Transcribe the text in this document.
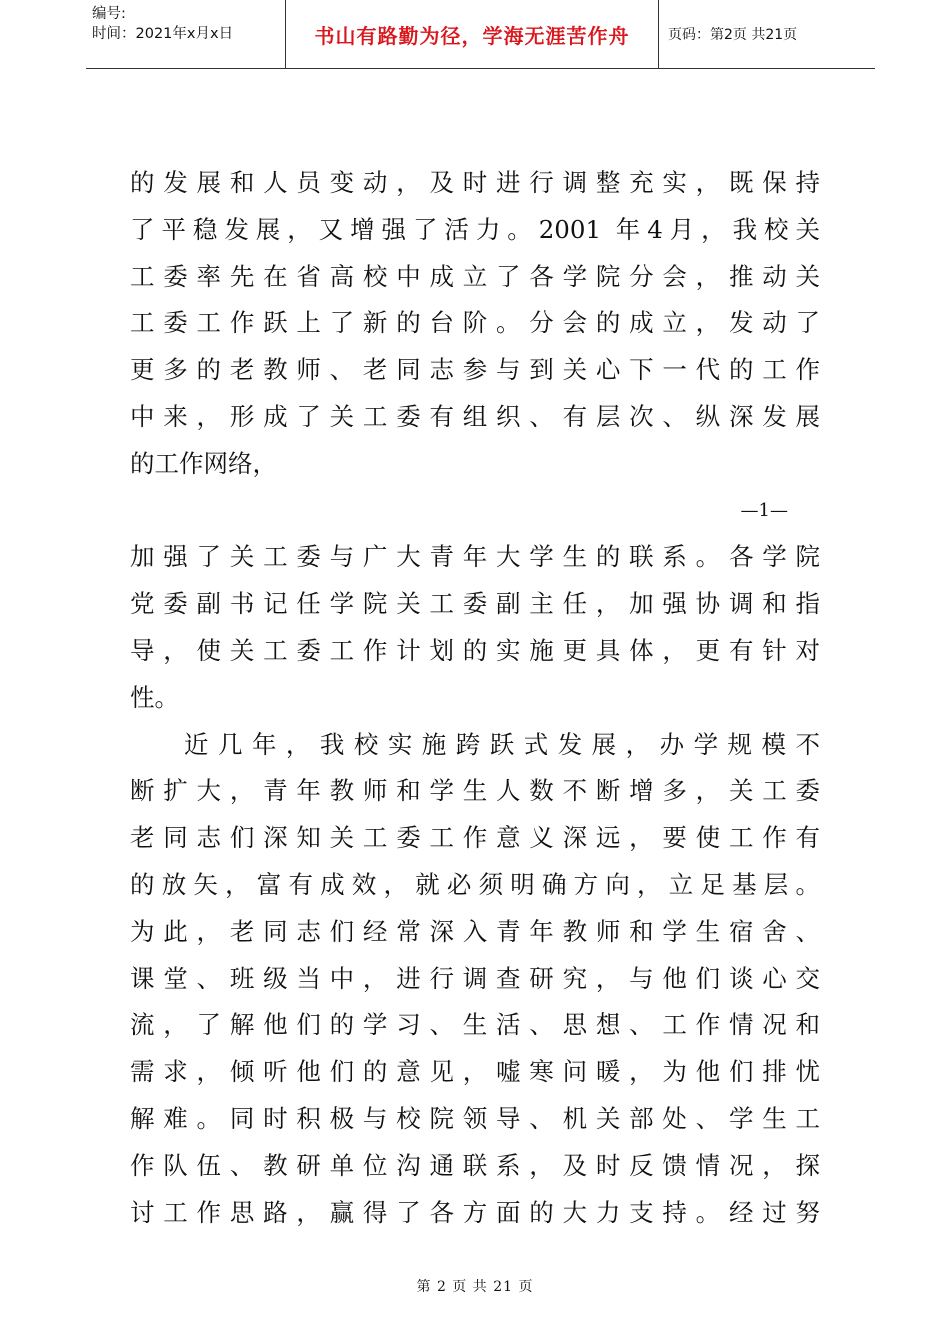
编号:
时间：2021年x月x日	书山有路勤为径，学海无涯苦作舟	页码：第2页 共21页
的发展和人员变动，及时进行调整充实，既保持
了平稳发展，又增强了活力。2001 年4月，我校关
工委率先在省高校中成立了各学院分会，推动关
工委工作跃上了新的台阶。分会的成立，发动了
更多的老教师、老同志参与到关心下一代的工作
中来，形成了关工委有组织、有层次、纵深发展
的工作网络，
—1—
加强了关工委与广大青年大学生的联系。各学院
党委副书记任学院关工委副主任，加强协调和指
导，使关工委工作计划的实施更具体，更有针对
性。
近几年，我校实施跨跃式发展，办学规模不
断扩大，青年教师和学生人数不断增多，关工委
老同志们深知关工委工作意义深远，要使工作有
的放矢，富有成效，就必须明确方向，立足基层。
为此，老同志们经常深入青年教师和学生宿舍、
课堂、班级当中，进行调查研究，与他们谈心交
流，了解他们的学习、生活、思想、工作情况和
需求，倾听他们的意见，嘘寒问暖，为他们排忧
解难。同时积极与校院领导、机关部处、学生工
作队伍、教研单位沟通联系，及时反馈情况，探
讨工作思路，赢得了各方面的大力支持。经过努
第 2 页 共 21 页
